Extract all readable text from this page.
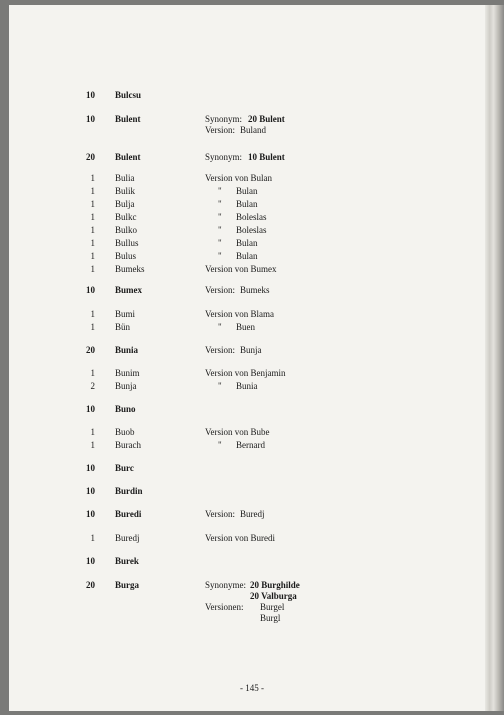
10 Bulcsu
10 Bulent	Synonym: 20 Bulent
Version: Buland
20 Bulent	Synonym: 10 Bulent
1 Bulia	Version von Bulan
1 Bulik	" Bulan
1 Bulja	" Bulan
1 Bulkc	" Boleslas
1 Bulko	" Boleslas
1 Bullus	" Bulan
1 Bulus	" Bulan
1 Bumeks	Version von Bumex
10 Bumex	Version: Bumeks
1 Bumi	Version von Blama
1 Bün	" Buen
20 Bunia	Version: Bunja
1 Bunim	Version von Benjamin
2 Bunja	" Bunia
10 Buno
1 Buob	Version von Bube
1 Burach	" Bernard
10 Burc
10 Burdin
10 Buredi	Version: Buredj
1 Buredj	Version von Buredi
10 Burek
20 Burga	Synonyme: 20 Burghilde
20 Valburga
Versionen: Burgel
Burgl
- 145 -
